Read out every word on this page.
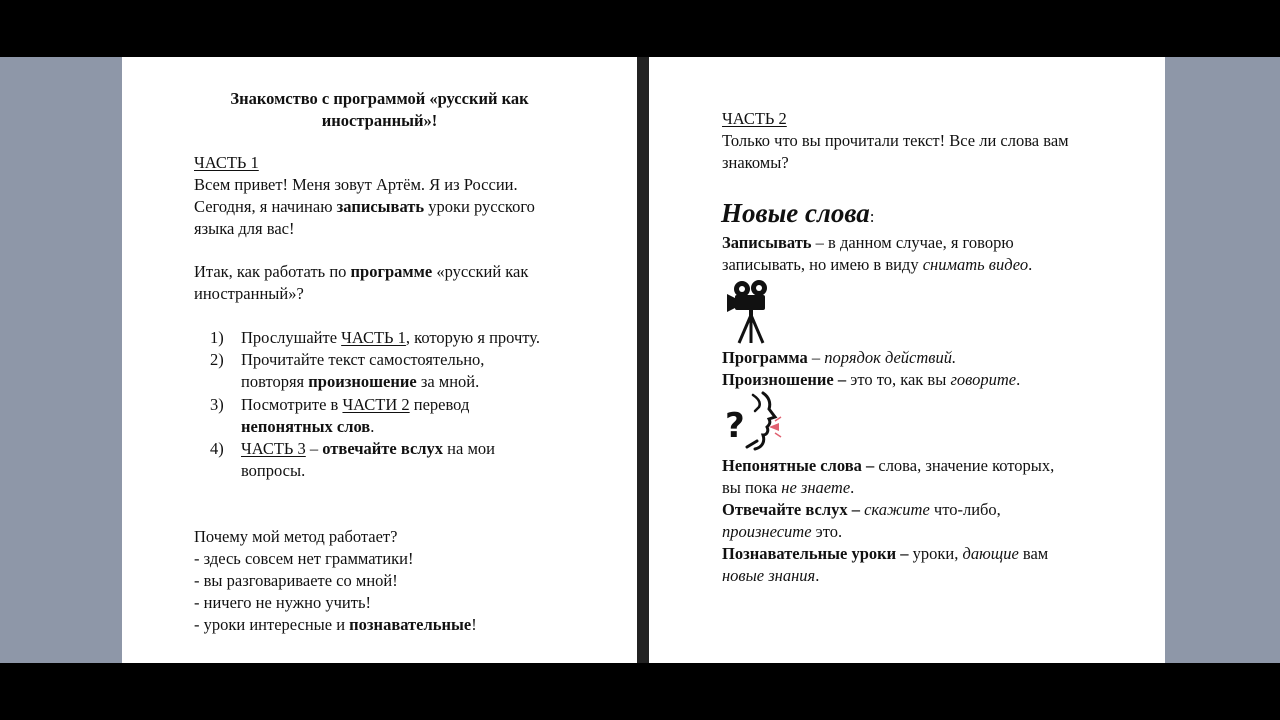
Знакомство с программой «русский как
иностранный»!
ЧАСТЬ 1
Всем привет! Меня зовут Артём. Я из России.
Сегодня, я начинаю записывать уроки русского
языка для вас!
Итак, как работать по программе «русский как
иностранный»?
1) Прослушайте ЧАСТЬ 1, которую я прочту.
2) Прочитайте текст самостоятельно,
повторяя произношение за мной.
3) Посмотрите в ЧАСТИ 2 перевод
непонятных слов.
4) ЧАСТЬ 3 – отвечайте вслух на мои
вопросы.
Почему мой метод работает?
- здесь совсем нет грамматики!
- вы разговариваете со мной!
- ничего не нужно учить!
- уроки интересные и познавательные!
ЧАСТЬ 2
Только что вы прочитали текст! Все ли слова вам
знакомы?
Новые слова:
Записывать – в данном случае, я говорю
записывать, но имею в виду снимать видео.
Программа – порядок действий.
Произношение – это то, как вы говорите.
?
Непонятные слова – слова, значение которых,
вы пока не знаете.
Отвечайте вслух – скажите что-либо,
произнесите это.
Познавательные уроки – уроки, дающие вам
новые знания.
